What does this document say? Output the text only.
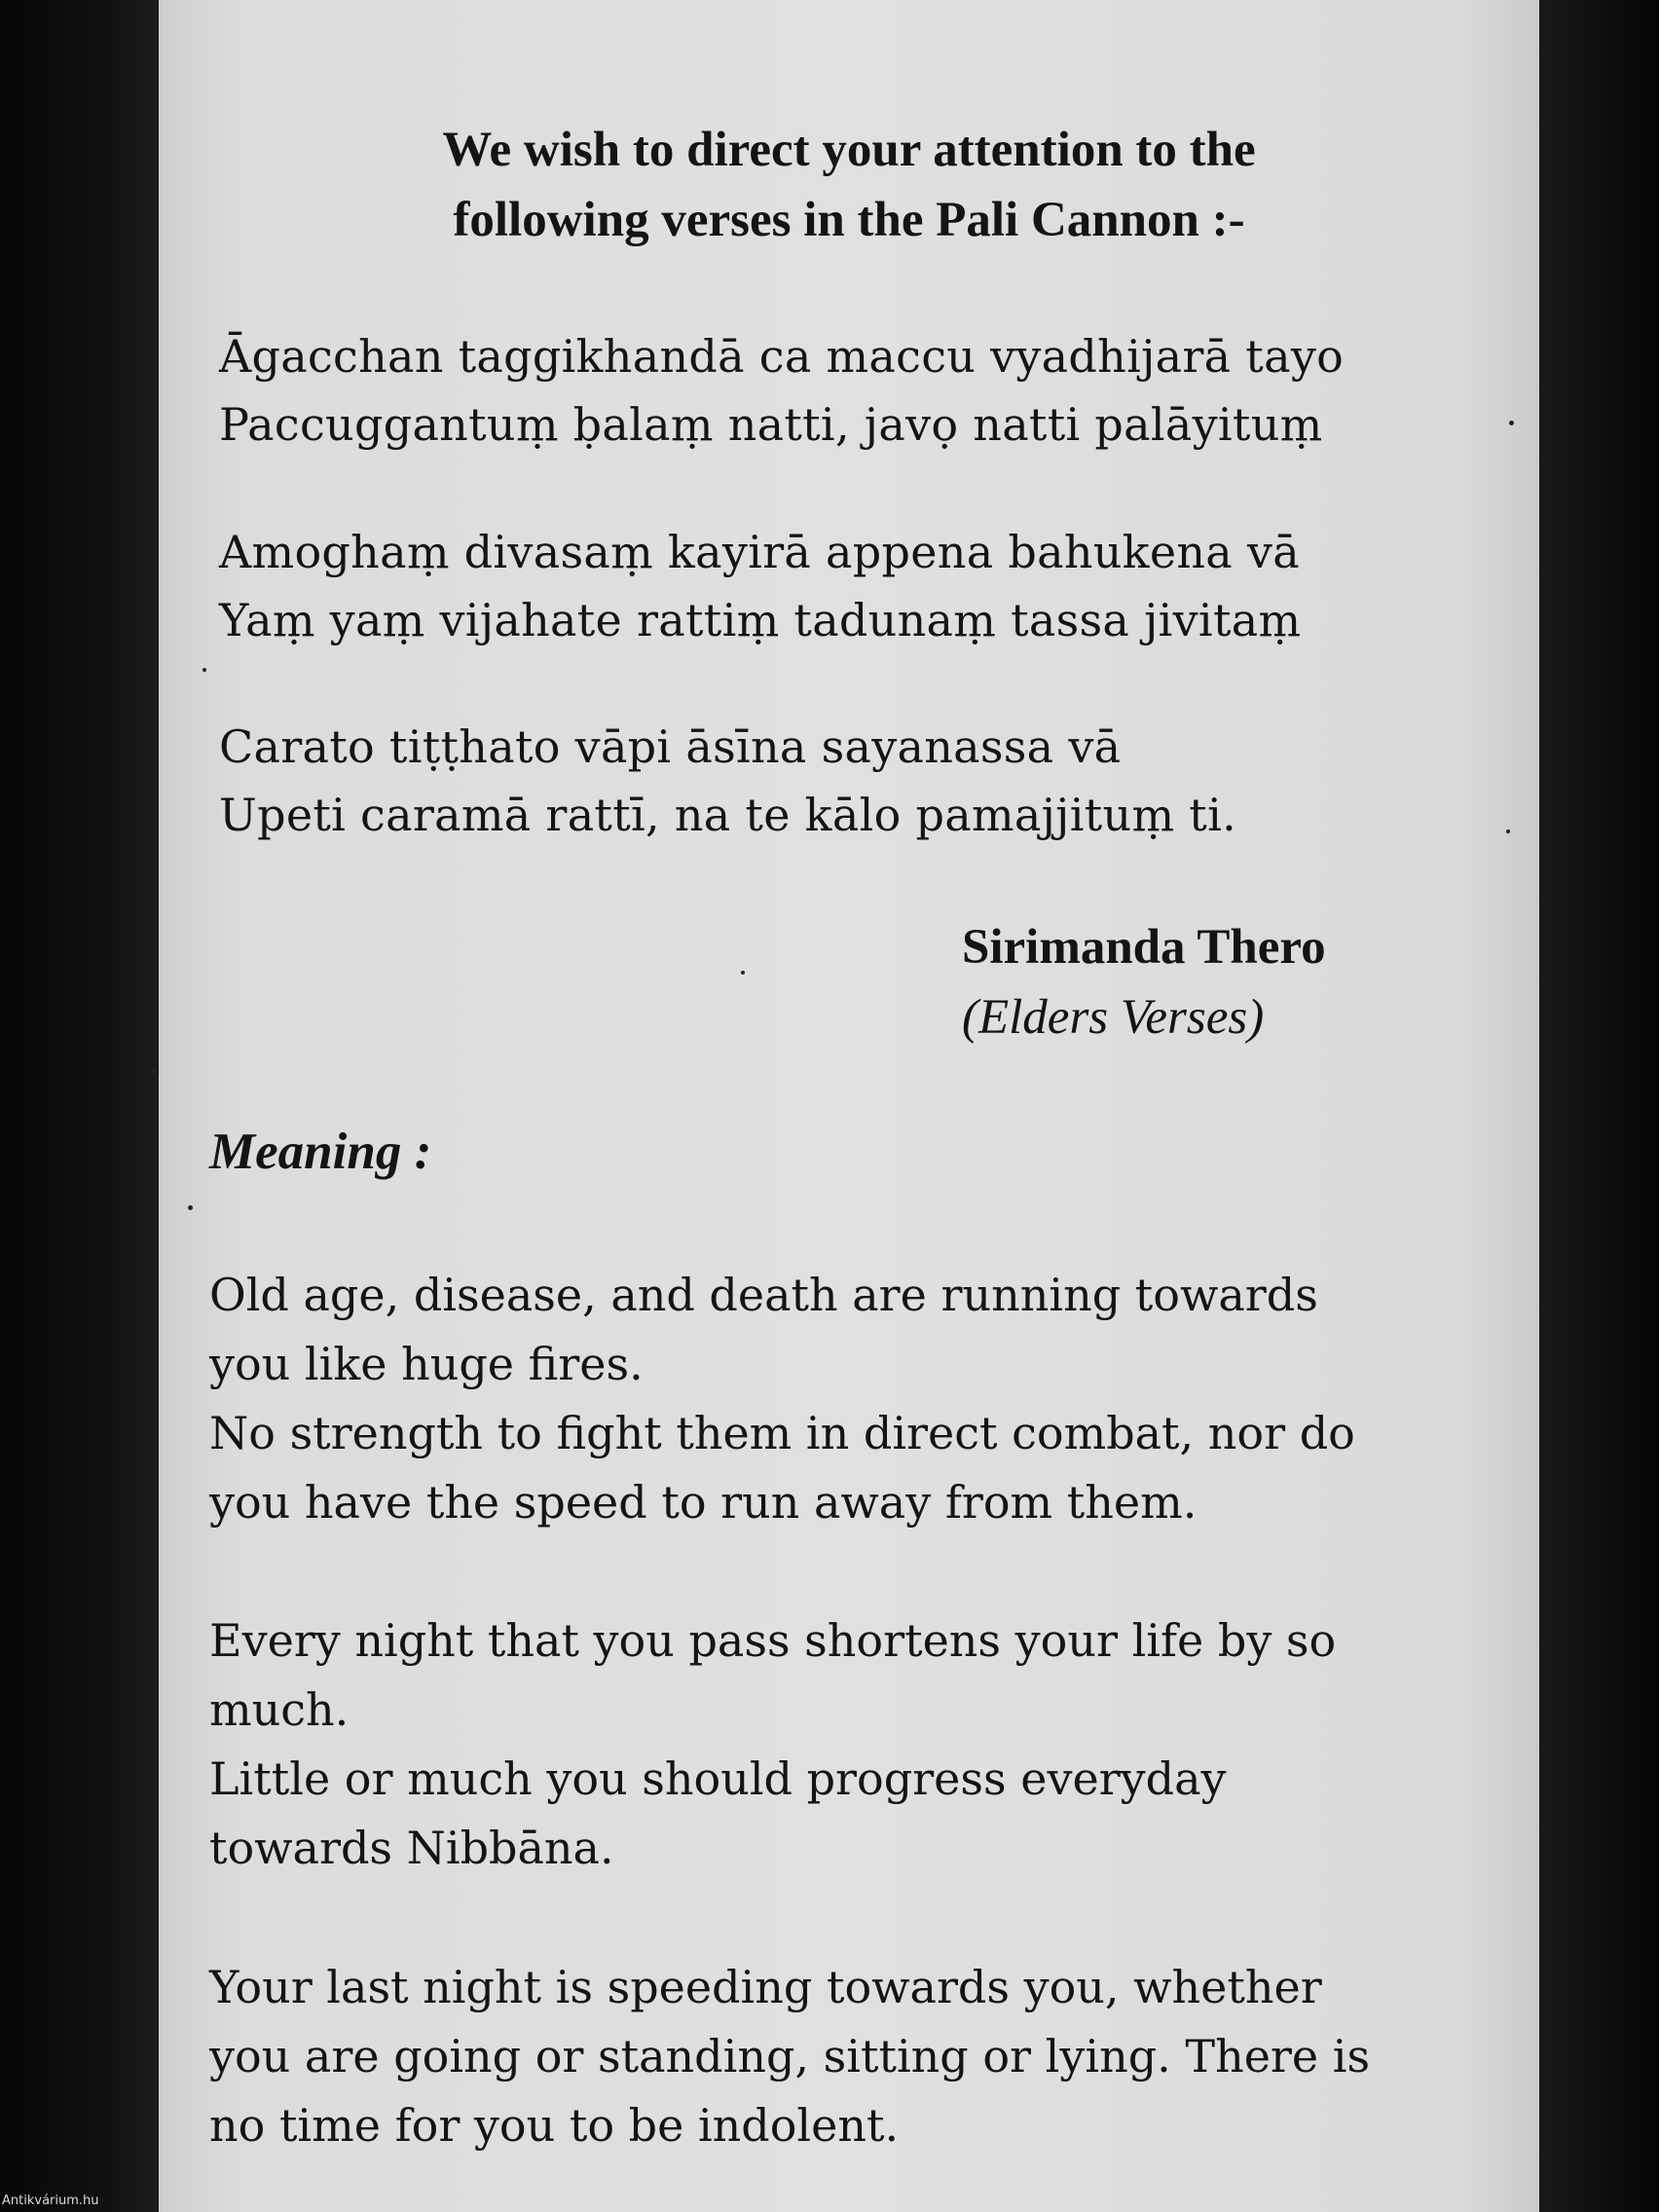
We wish to direct your attention to the
following verses in the Pali Cannon :-
Āgacchan taggikhandā ca maccu vyadhijarā tayo
Paccuggantuṃ ḅalaṃ natti, javọ natti palāyituṃ
Amoghaṃ divasaṃ kayirā appena bahukena vā
Yaṃ yaṃ vijahate rattiṃ tadunaṃ tassa jivitaṃ
Carato tiṭṭhato vāpi āsīna sayanassa vā
Upeti caramā rattī, na te kālo pamajjituṃ ti.
Sirimanda Thero
(Elders Verses)
Meaning :
Old age, disease, and death are running towards
you like huge fires.
No strength to fight them in direct combat, nor do
you have the speed to run away from them.
Every night that you pass shortens your life by so
much.
Little or much you should progress everyday
towards Nibbāna.
Your last night is speeding towards you, whether
you are going or standing, sitting or lying. There is
no time for you to be indolent.
Antikvárium.hu
